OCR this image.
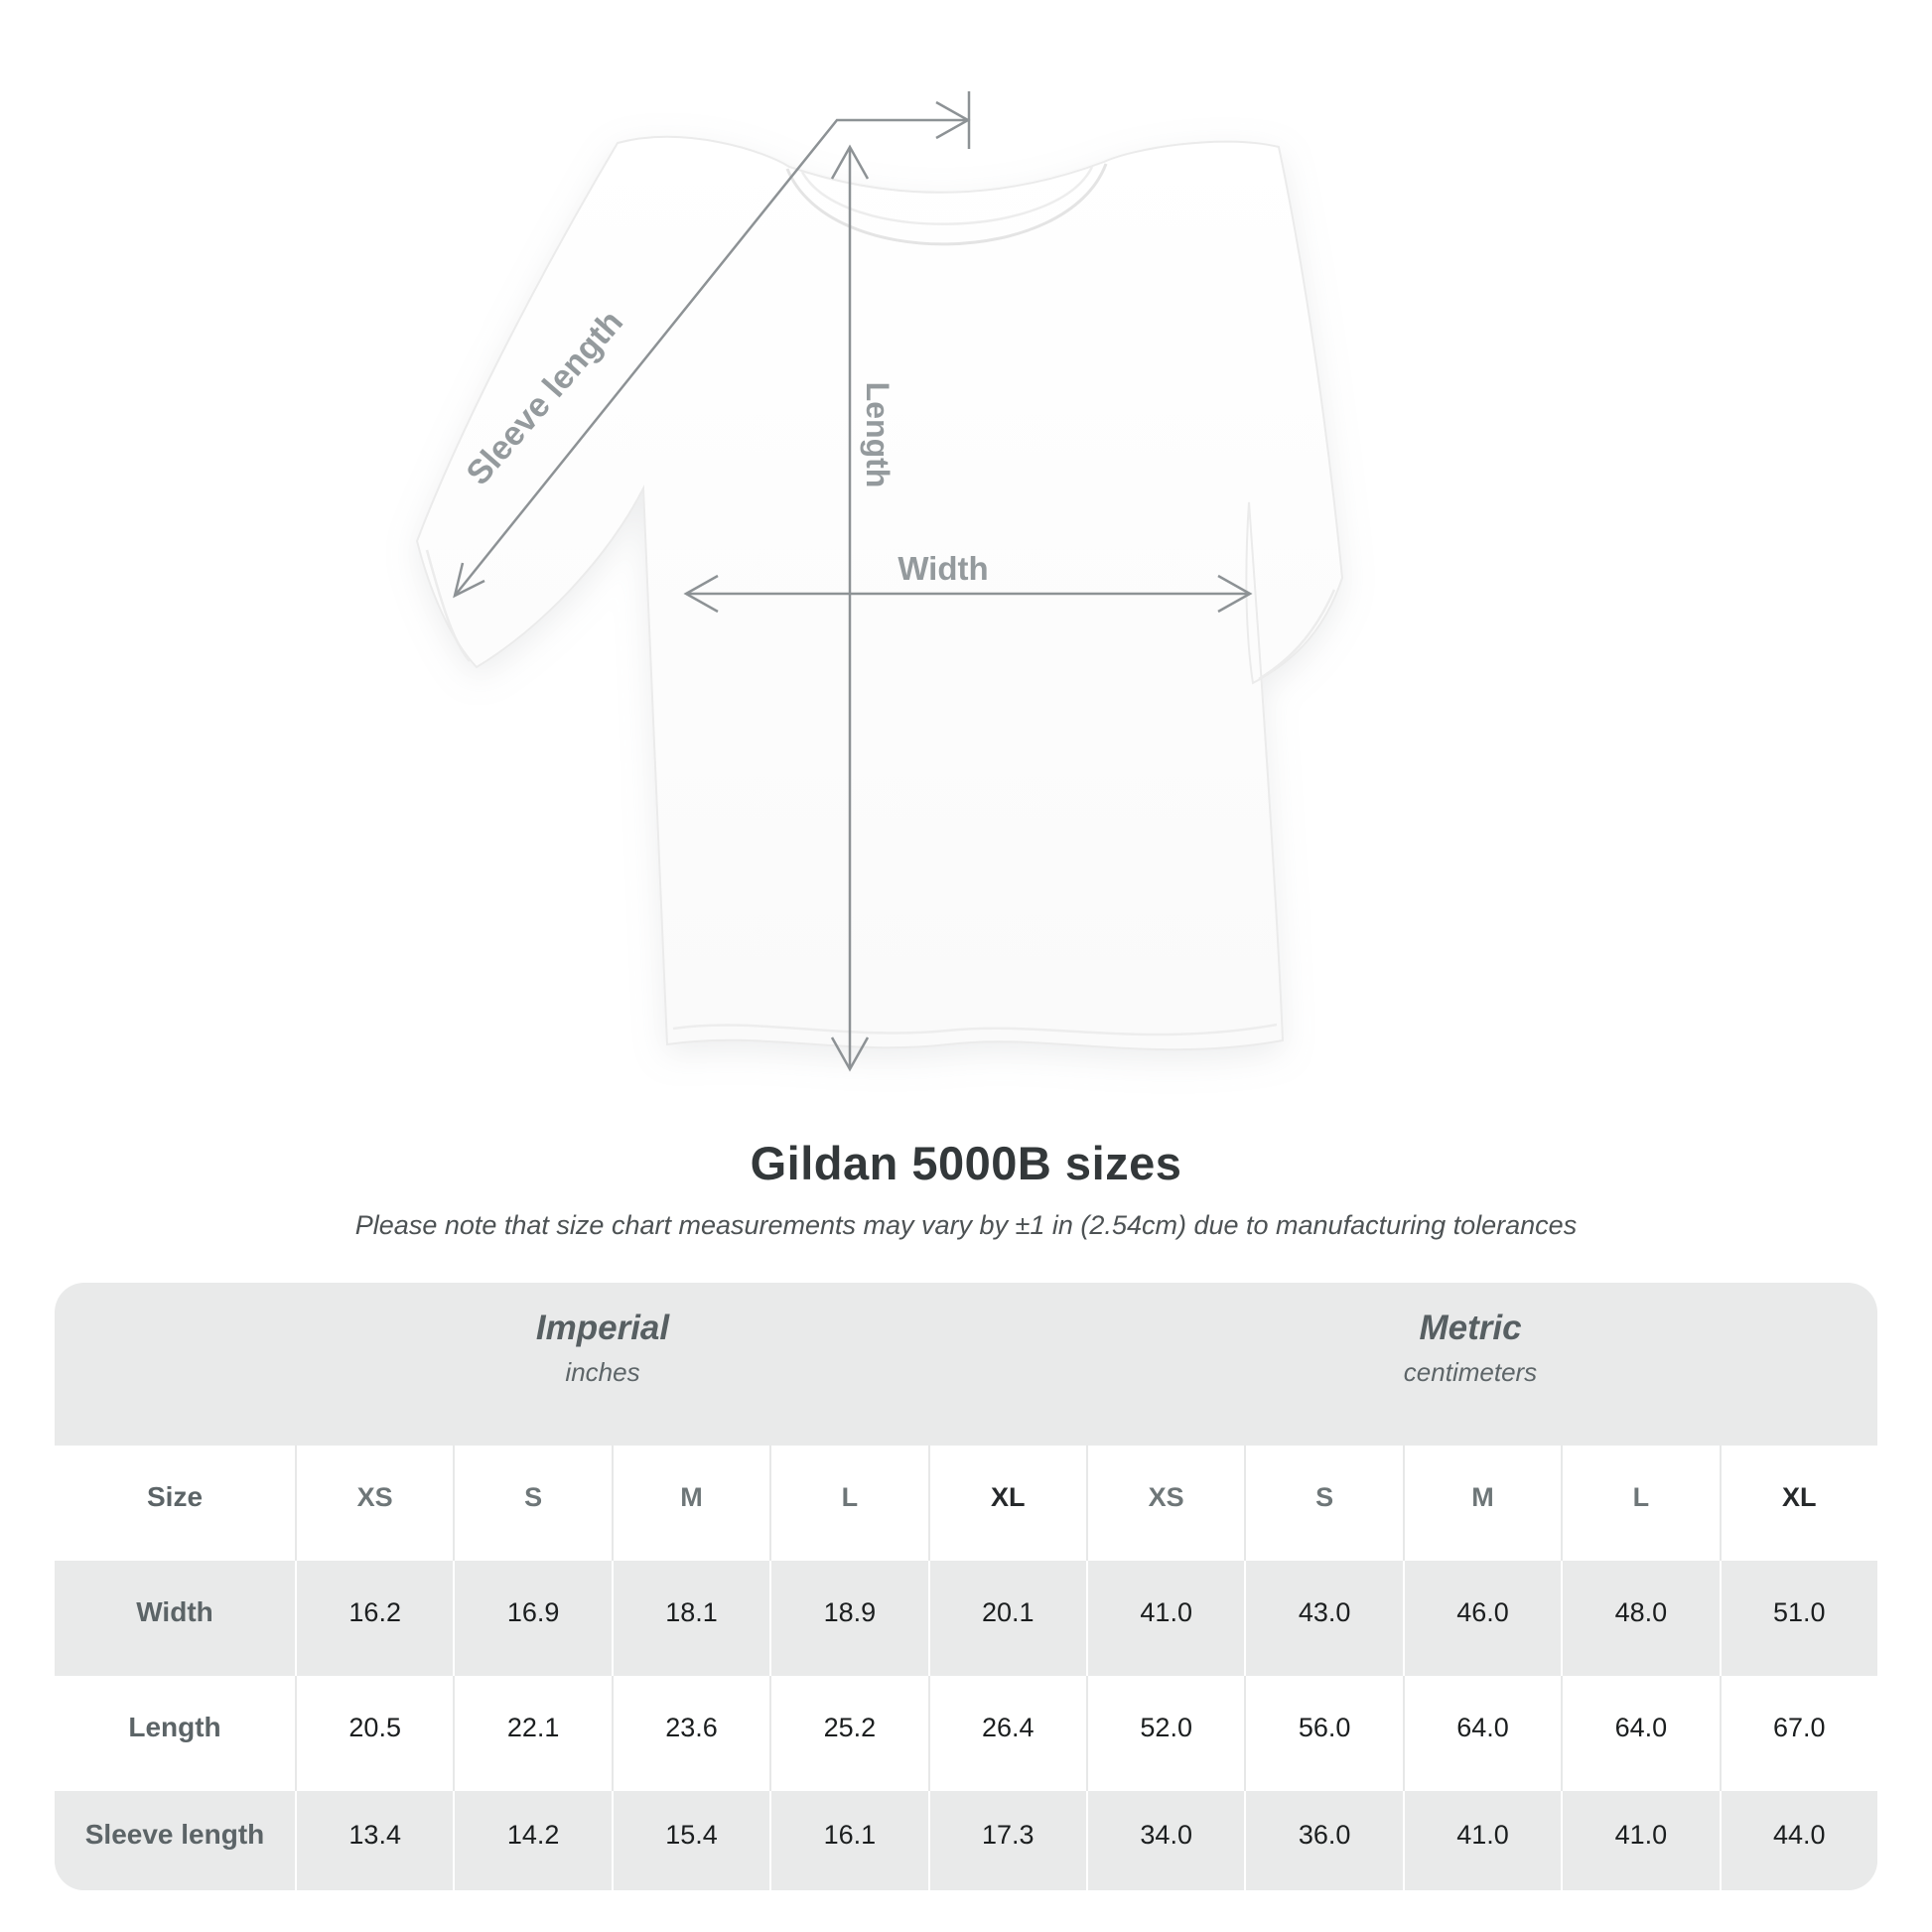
Sleeve length	Length
Width
Gildan 5000B sizes
Please note that size chart measurements may vary by ±1 in (2.54cm) due to manufacturing tolerances
Imperial
inches
Metric
centimeters
Size	XS	S	M	L	XL	XS	S	M	L	XL
Width	16.2	16.9	18.1	18.9	20.1	41.0	43.0	46.0	48.0	51.0
Length	20.5	22.1	23.6	25.2	26.4	52.0	56.0	64.0	64.0	67.0
Sleeve length	13.4	14.2	15.4	16.1	17.3	34.0	36.0	41.0	41.0	44.0
